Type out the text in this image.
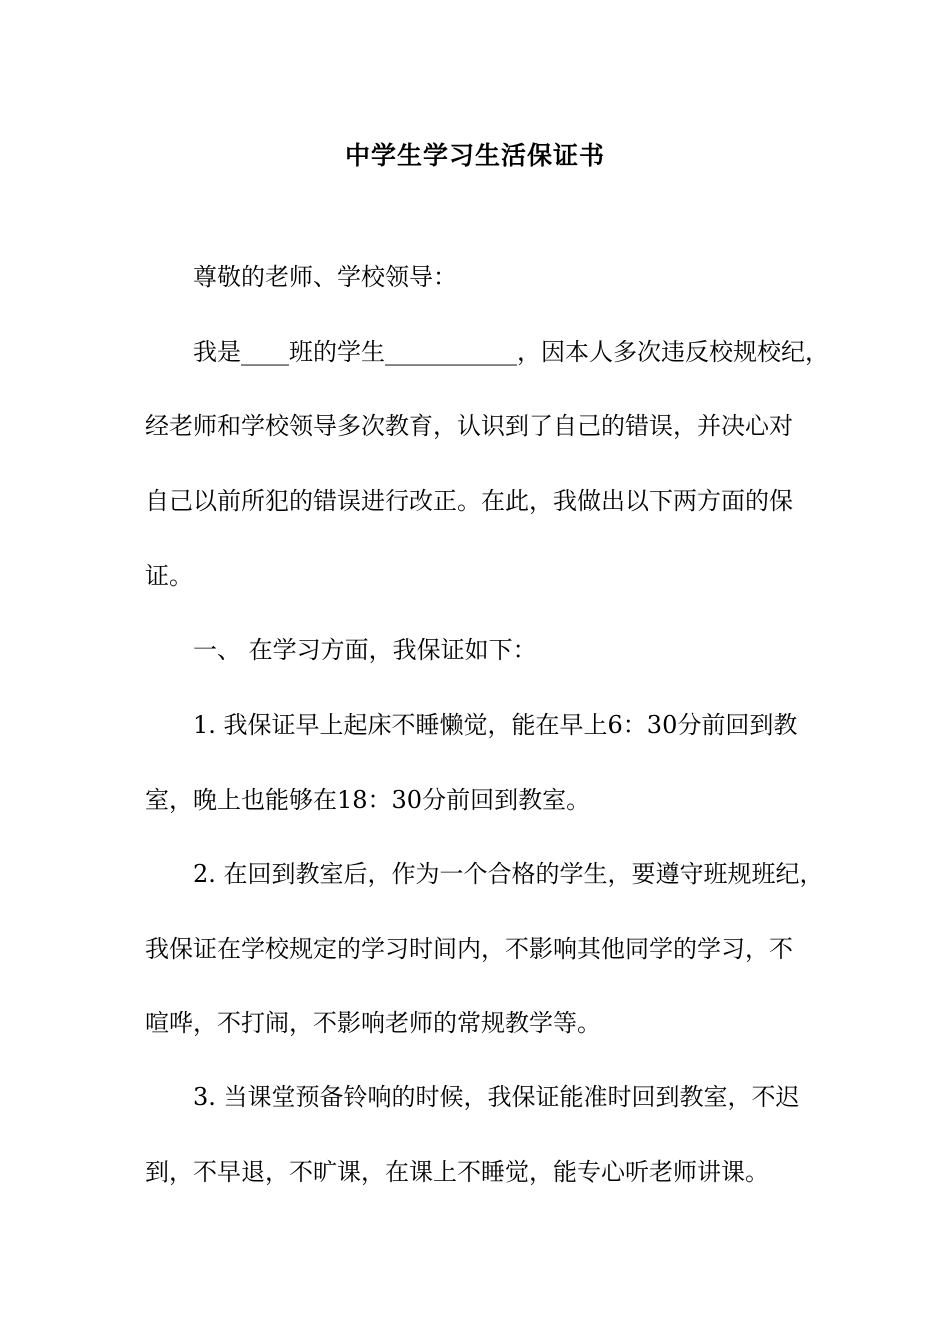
中学生学习生活保证书
尊敬的老师、学校领导：
我是____班的学生___________，因本人多次违反校规校纪，
经老师和学校领导多次教育，认识到了自己的错误，并决心对
自己以前所犯的错误进行改正。在此，我做出以下两方面的保
证。
一、 在学习方面，我保证如下：
1. 我保证早上起床不睡懒觉，能在早上6：30分前回到教
室，晚上也能够在18：30分前回到教室。
2. 在回到教室后，作为一个合格的学生，要遵守班规班纪，
我保证在学校规定的学习时间内，不影响其他同学的学习，不
喧哗，不打闹，不影响老师的常规教学等。
3. 当课堂预备铃响的时候，我保证能准时回到教室，不迟
到，不早退，不旷课，在课上不睡觉，能专心听老师讲课。
